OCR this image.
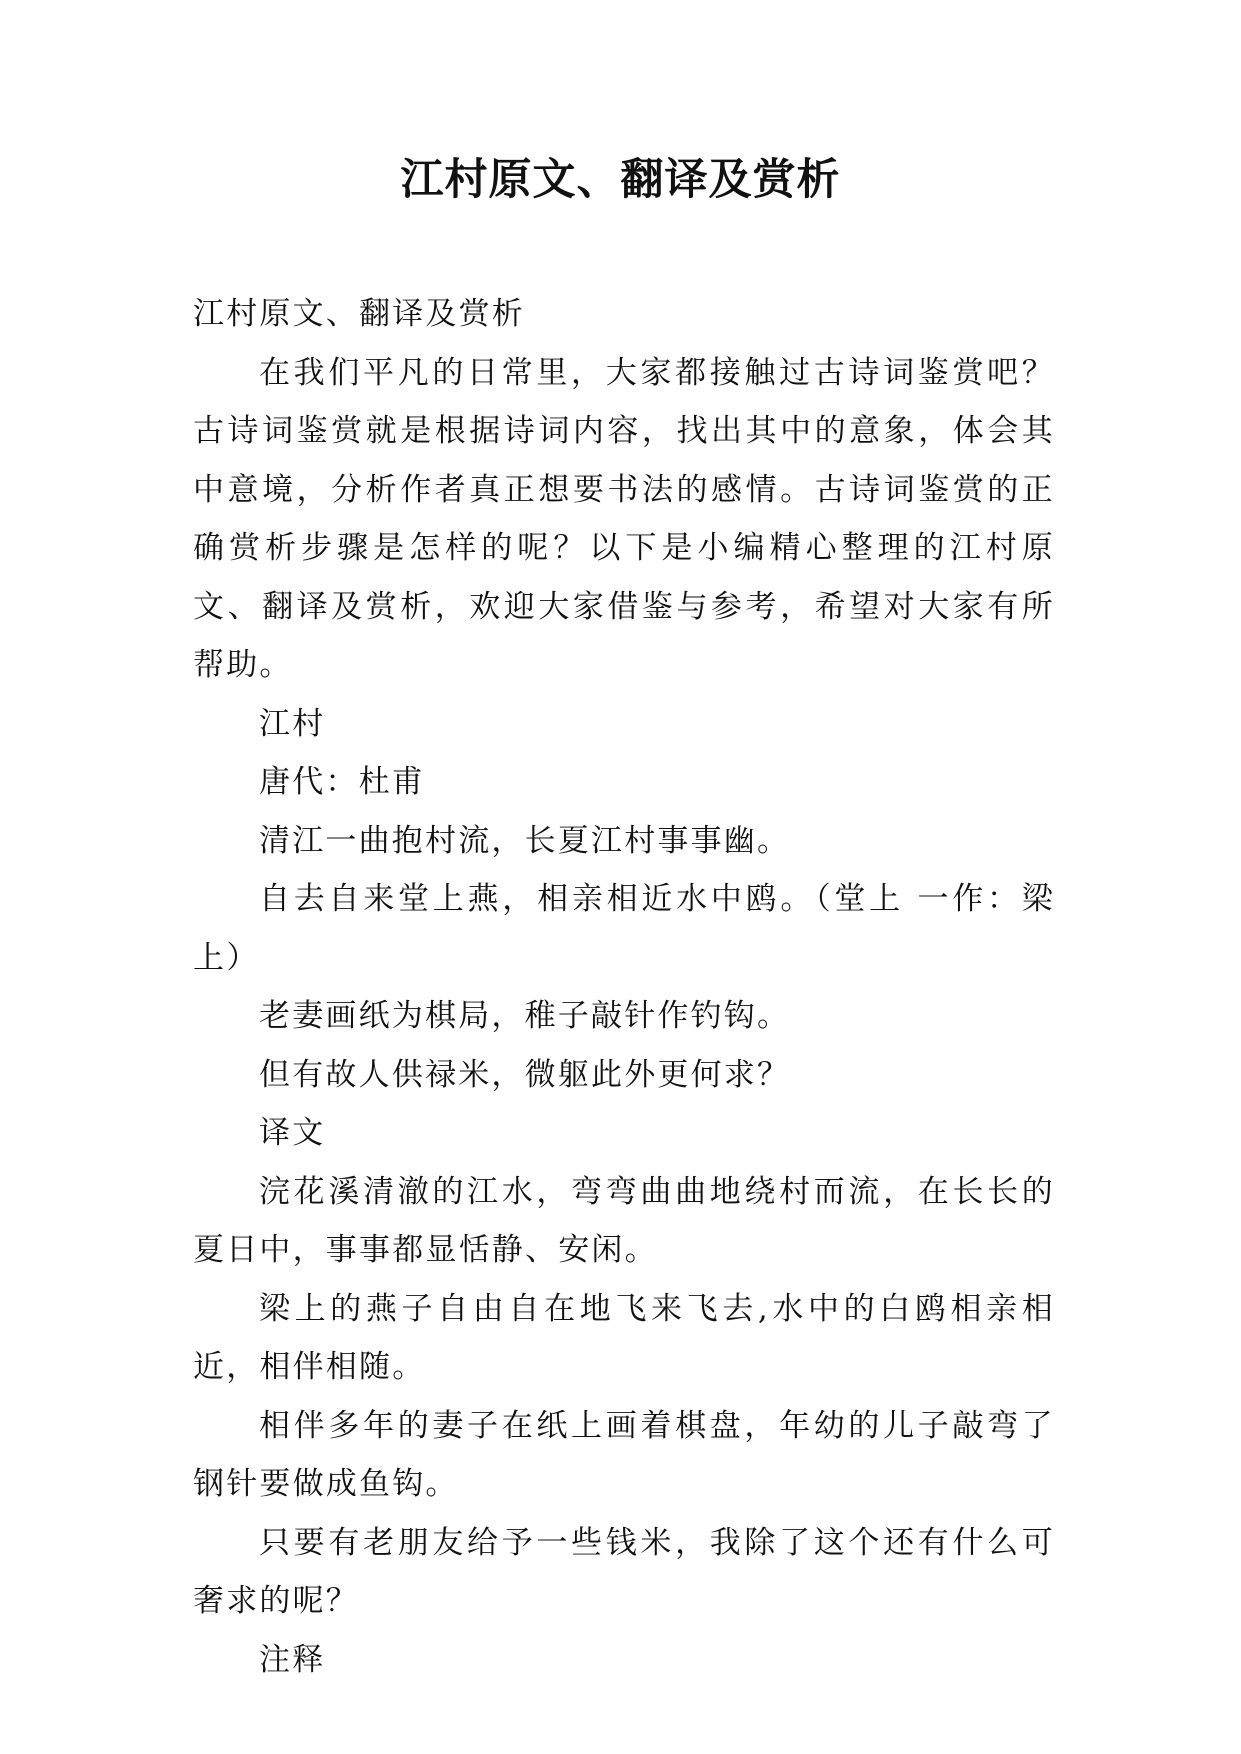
江村原文、翻译及赏析

江村原文、翻译及赏析

在我们平凡的日常里，大家都接触过古诗词鉴赏吧？古诗词鉴赏就是根据诗词内容，找出其中的意象，体会其中意境，分析作者真正想要书法的感情。古诗词鉴赏的正确赏析步骤是怎样的呢？以下是小编精心整理的江村原文、翻译及赏析，欢迎大家借鉴与参考，希望对大家有所帮助。

江村

唐代：杜甫

清江一曲抱村流，长夏江村事事幽。

自去自来堂上燕，相亲相近水中鸥。（堂上 一作：梁上）

老妻画纸为棋局，稚子敲针作钓钩。

但有故人供禄米，微躯此外更何求？

译文

浣花溪清澈的江水，弯弯曲曲地绕村而流，在长长的夏日中，事事都显恬静、安闲。

梁上的燕子自由自在地飞来飞去,水中的白鸥相亲相近，相伴相随。

相伴多年的妻子在纸上画着棋盘，年幼的儿子敲弯了钢针要做成鱼钩。

只要有老朋友给予一些钱米，我除了这个还有什么可奢求的呢？

注释
